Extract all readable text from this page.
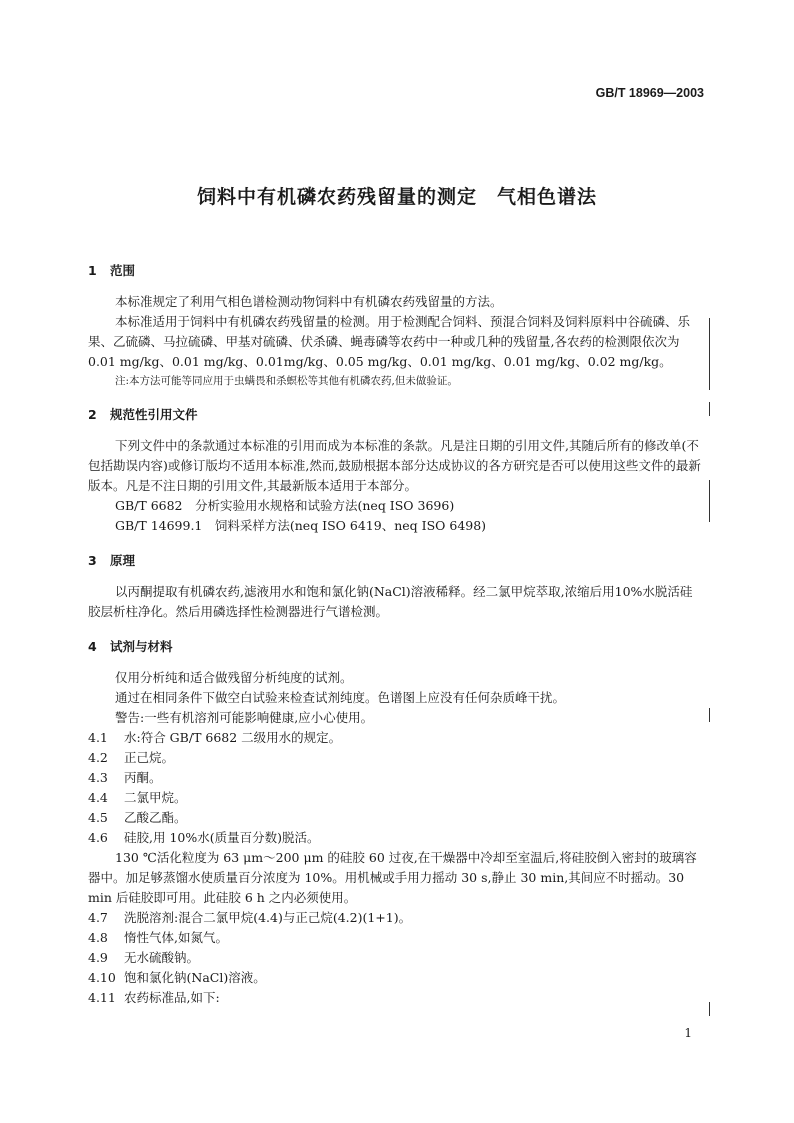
GB/T 18969—2003
饲料中有机磷农药残留量的测定　气相色谱法
1 范围

本标准规定了利用气相色谱检测动物饲料中有机磷农药残留量的方法。

本标准适用于饲料中有机磷农药残留量的检测。用于检测配合饲料、预混合饲料及饲料原料中谷硫磷、乐果、乙硫磷、马拉硫磷、甲基对硫磷、伏杀磷、蝇毒磷等农药中一种或几种的残留量,各农药的检测限依次为 0.01 mg/kg、0.01 mg/kg、0.01mg/kg、0.05 mg/kg、0.01 mg/kg、0.01 mg/kg、0.02 mg/kg。

注:本方法可能等同应用于虫螨畏和杀螟松等其他有机磷农药,但未做验证。

2 规范性引用文件

下列文件中的条款通过本标准的引用而成为本标准的条款。凡是注日期的引用文件,其随后所有的修改单(不包括勘误内容)或修订版均不适用本标准,然而,鼓励根据本部分达成协议的各方研究是否可以使用这些文件的最新版本。凡是不注日期的引用文件,其最新版本适用于本部分。

GB/T 6682　分析实验用水规格和试验方法(neq ISO 3696)

GB/T 14699.1　饲料采样方法(neq ISO 6419、neq ISO 6498)

3 原理

以丙酮提取有机磷农药,滤液用水和饱和氯化钠(NaCl)溶液稀释。经二氯甲烷萃取,浓缩后用10%水脱活硅胶层析柱净化。然后用磷选择性检测器进行气谱检测。

4 试剂与材料

仅用分析纯和适合做残留分析纯度的试剂。

通过在相同条件下做空白试验来检查试剂纯度。色谱图上应没有任何杂质峰干扰。

警告:一些有机溶剂可能影响健康,应小心使用。

4.1 水:符合 GB/T 6682 二级用水的规定。

4.2 正己烷。

4.3 丙酮。

4.4 二氯甲烷。

4.5 乙酸乙酯。

4.6 硅胶,用 10%水(质量百分数)脱活。

130 ℃活化粒度为 63 μm～200 μm 的硅胶 60 过夜,在干燥器中冷却至室温后,将硅胶倒入密封的玻璃容器中。加足够蒸馏水使质量百分浓度为 10%。用机械或手用力摇动 30 s,静止 30 min,其间应不时摇动。30 min 后硅胶即可用。此硅胶 6 h 之内必须使用。

4.7 洗脱溶剂:混合二氯甲烷(4.4)与正己烷(4.2)(1+1)。

4.8 惰性气体,如氮气。

4.9 无水硫酸钠。

4.10 饱和氯化钠(NaCl)溶液。

4.11 农药标准品,如下:

1
